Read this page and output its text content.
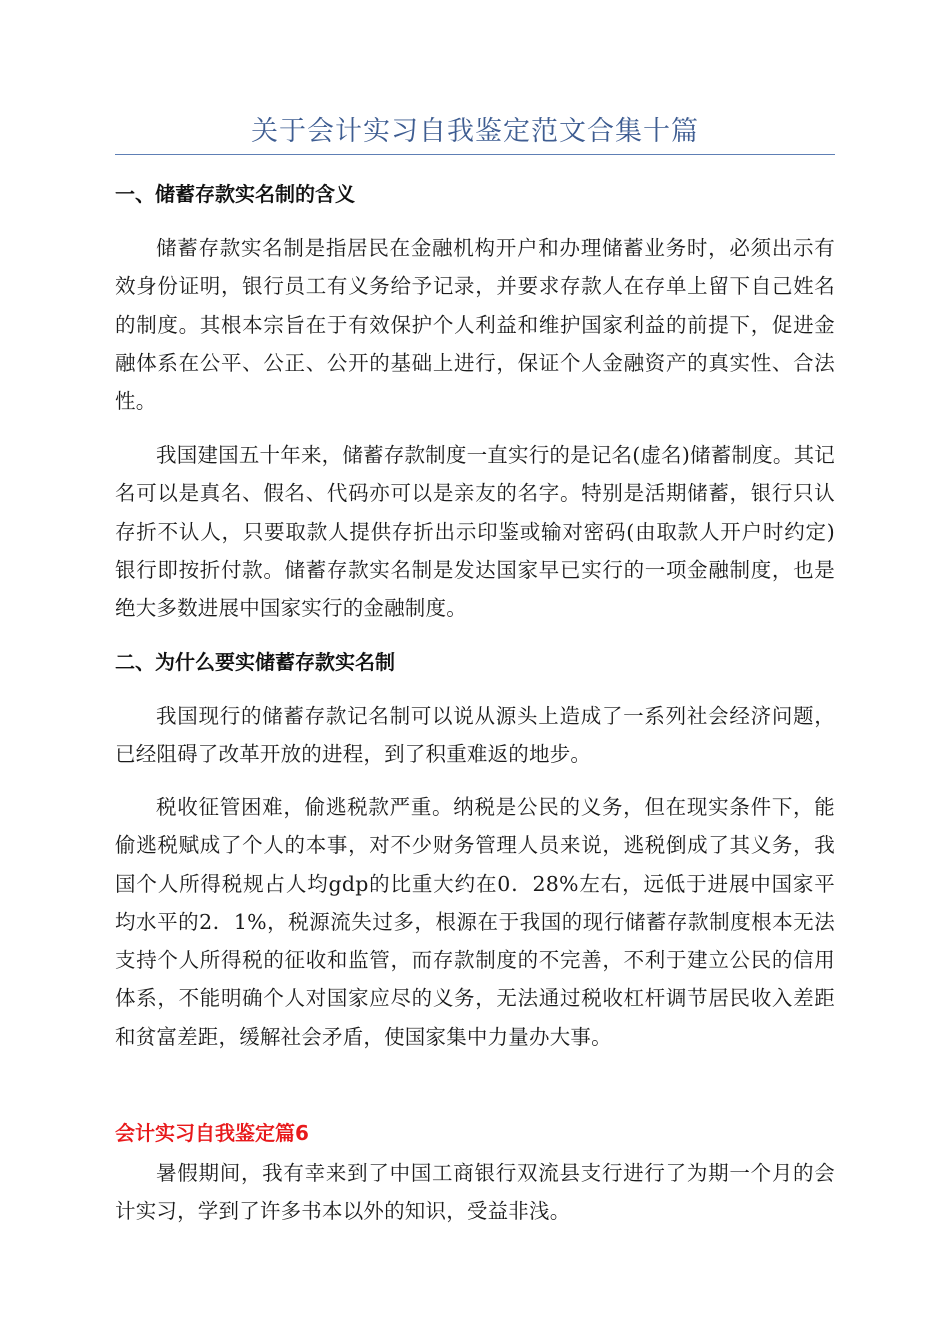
关于会计实习自我鉴定范文合集十篇
一、储蓄存款实名制的含义

储蓄存款实名制是指居民在金融机构开户和办理储蓄业务时，必须出示有效身份证明，银行员工有义务给予记录，并要求存款人在存单上留下自己姓名的制度。其根本宗旨在于有效保护个人利益和维护国家利益的前提下，促进金融体系在公平、公正、公开的基础上进行，保证个人金融资产的真实性、合法性。

我国建国五十年来，储蓄存款制度一直实行的是记名(虚名)储蓄制度。其记名可以是真名、假名、代码亦可以是亲友的名字。特别是活期储蓄，银行只认存折不认人，只要取款人提供存折出示印鉴或输对密码(由取款人开户时约定)银行即按折付款。储蓄存款实名制是发达国家早已实行的一项金融制度，也是绝大多数进展中国家实行的金融制度。

二、为什么要实储蓄存款实名制

我国现行的储蓄存款记名制可以说从源头上造成了一系列社会经济问题，已经阻碍了改革开放的进程，到了积重难返的地步。

税收征管困难，偷逃税款严重。纳税是公民的义务，但在现实条件下，能偷逃税赋成了个人的本事，对不少财务管理人员来说，逃税倒成了其义务，我国个人所得税规占人均gdp的比重大约在0．28%左右，远低于进展中国家平均水平的2．1%，税源流失过多，根源在于我国的现行储蓄存款制度根本无法支持个人所得税的征收和监管，而存款制度的不完善，不利于建立公民的信用体系，不能明确个人对国家应尽的义务，无法通过税收杠杆调节居民收入差距和贫富差距，缓解社会矛盾，使国家集中力量办大事。

会计实习自我鉴定篇6

暑假期间，我有幸来到了中国工商银行双流县支行进行了为期一个月的会计实习，学到了许多书本以外的知识，受益非浅。
